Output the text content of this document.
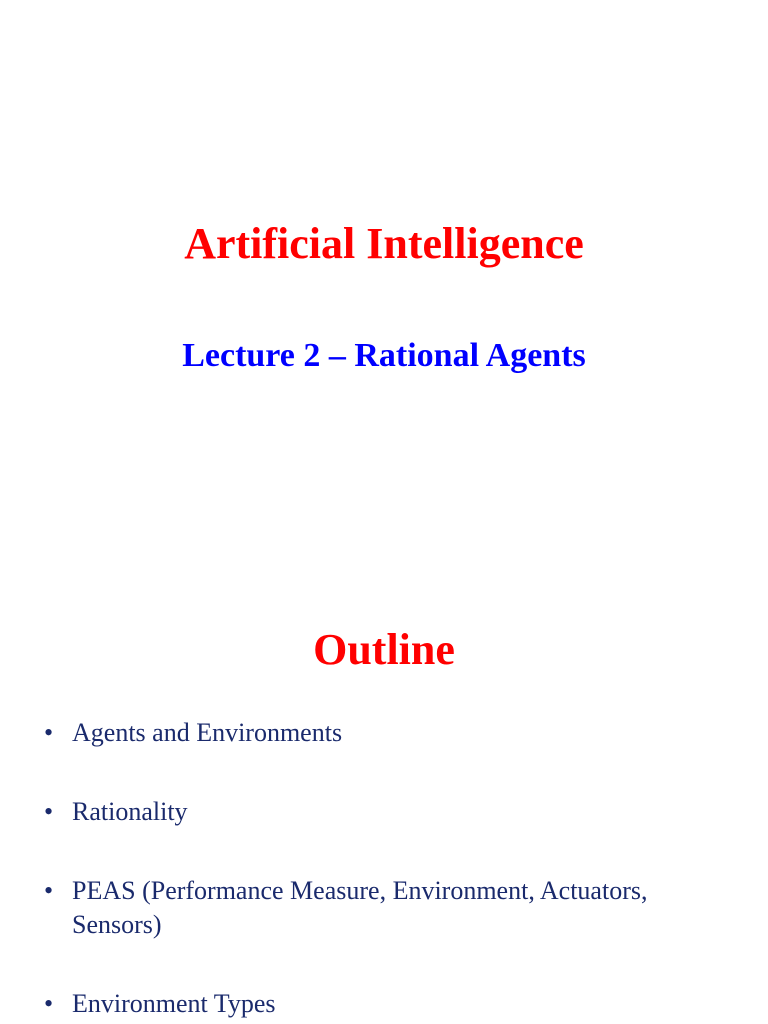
Artificial Intelligence
Lecture 2 – Rational Agents
Outline
• Agents and Environments
• Rationality
• PEAS (Performance Measure, Environment, Actuators, Sensors)
• Environment Types
